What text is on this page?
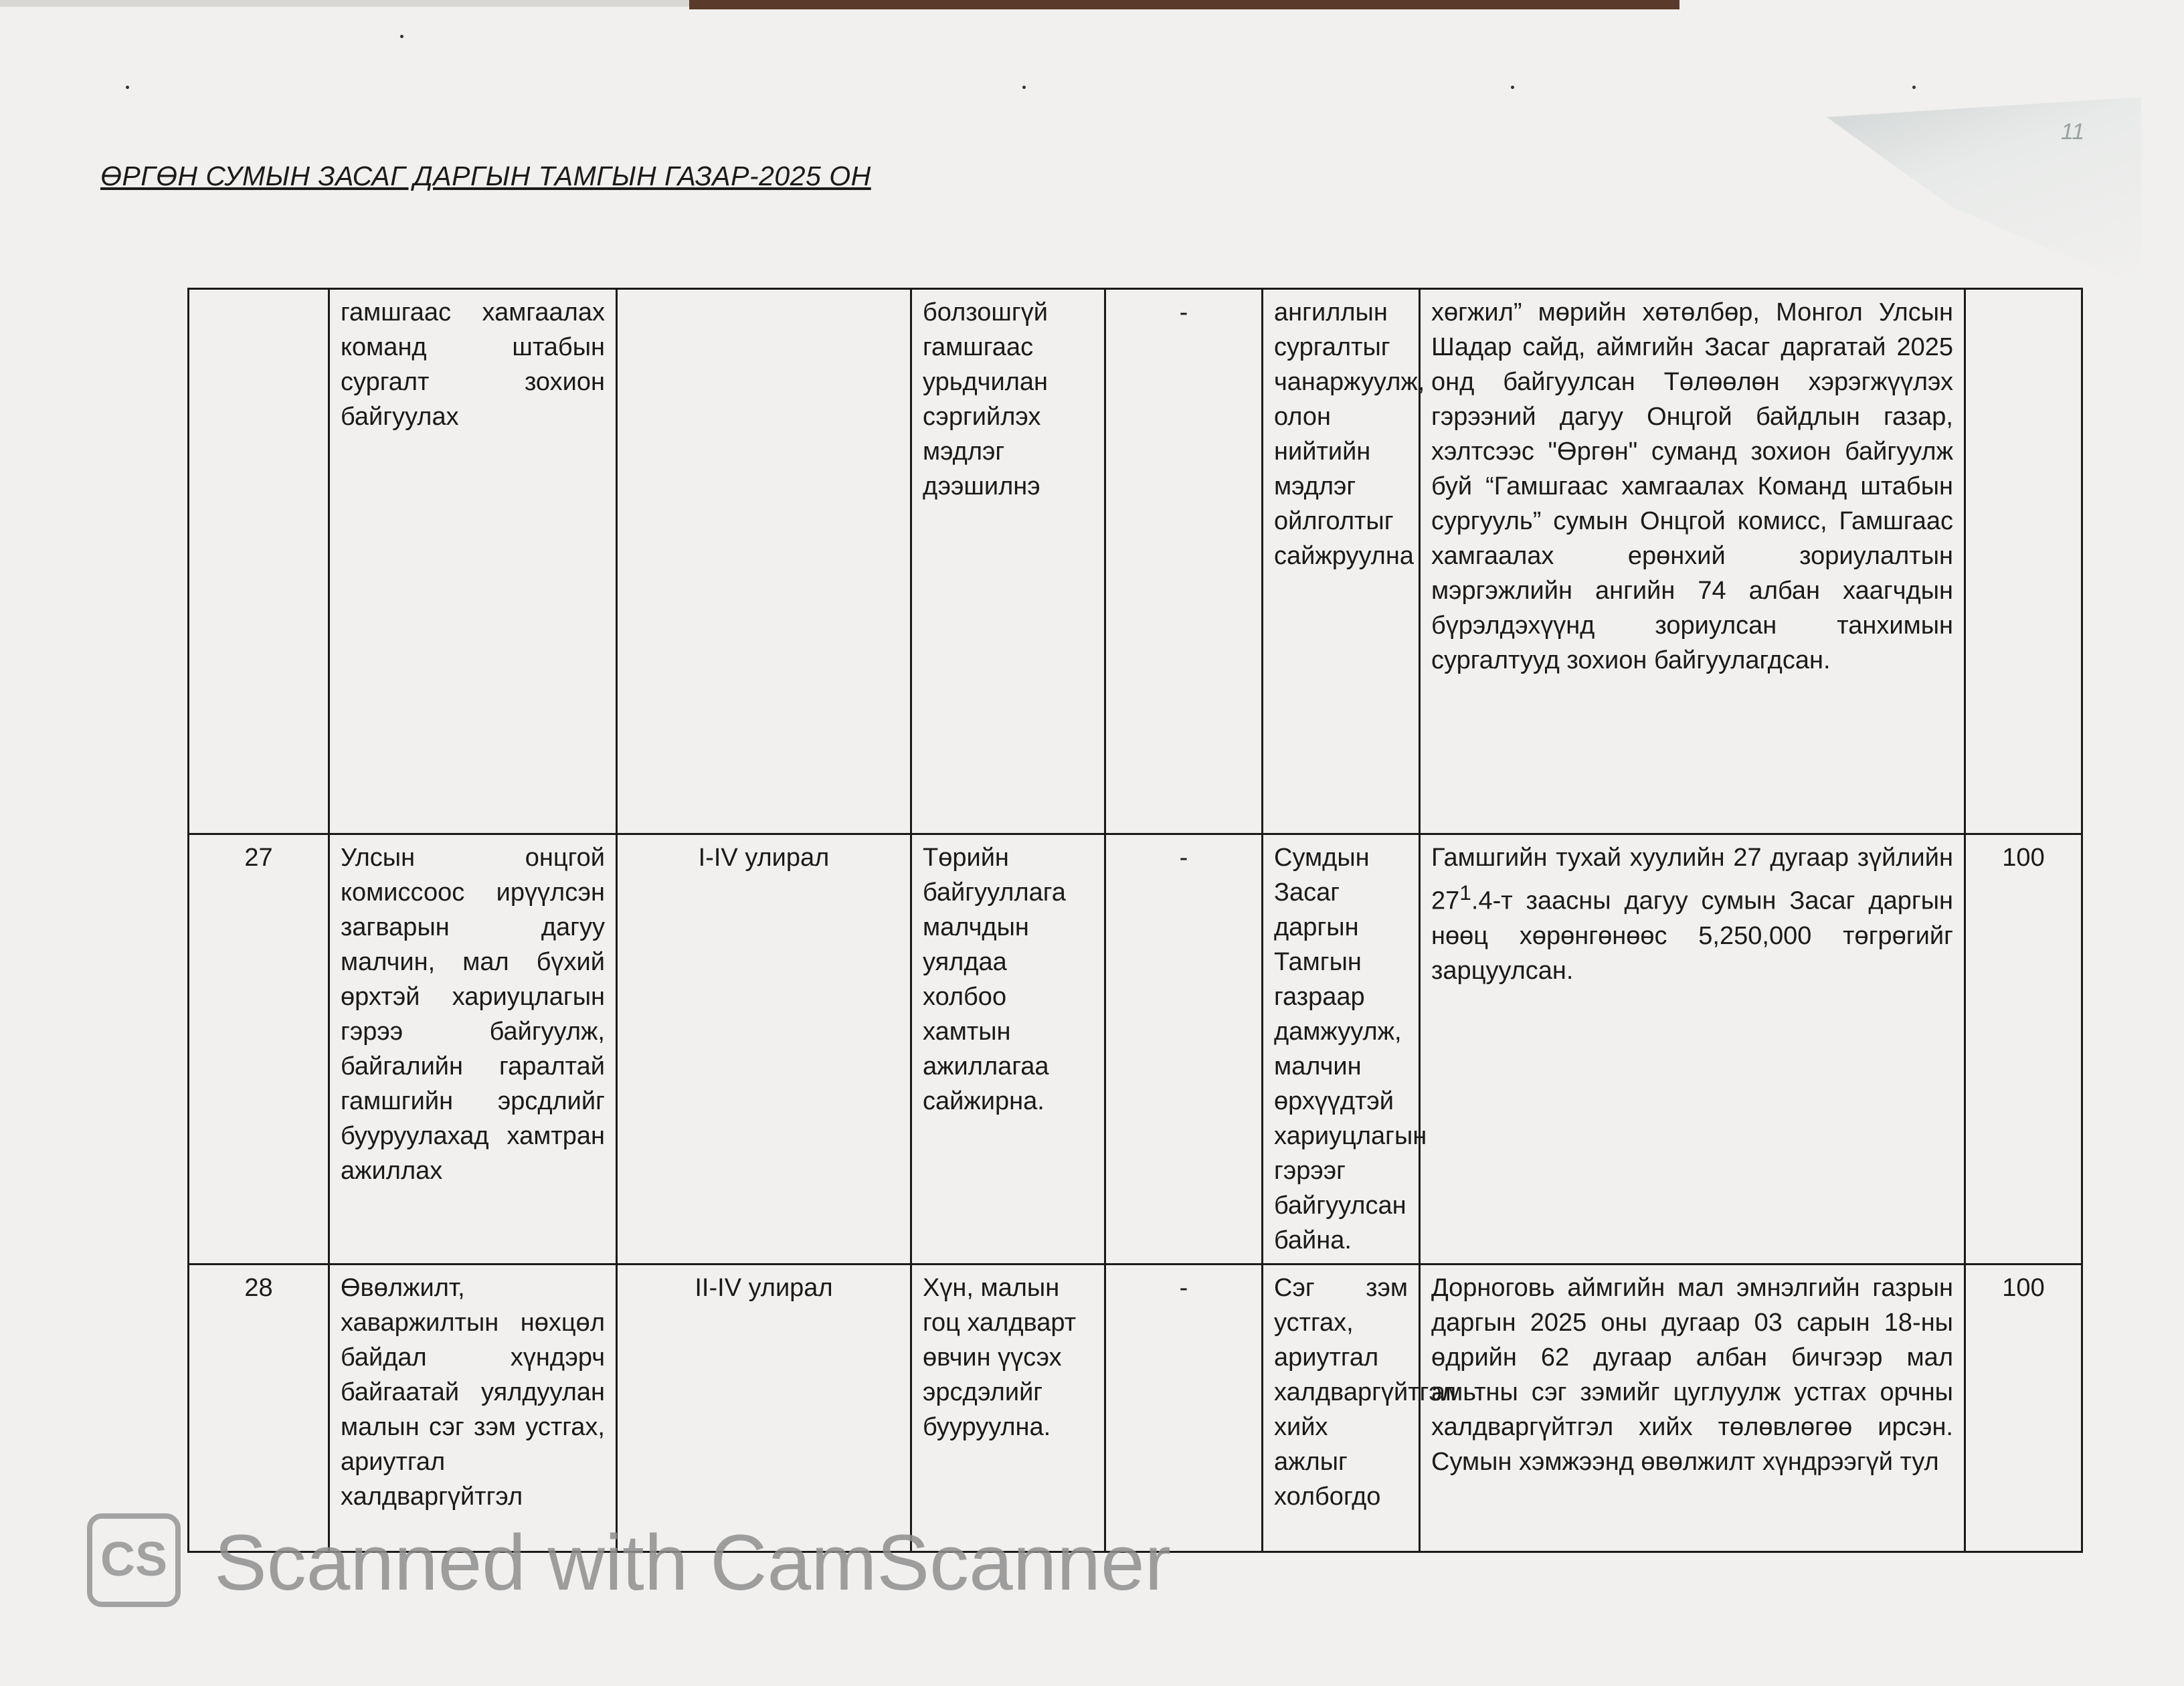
11
ӨРГӨН СУМЫН ЗАСАГ ДАРГЫН ТАМГЫН ГАЗАР-2025 ОН
	гамшгаас хамгаалах команд штабын сургалт зохион байгуулах		болзошгүй гамшгаас урьдчилан сэргийлэх мэдлэг дээшилнэ	-	ангиллын сургалтыг чанаржуулж, олон нийтийн мэдлэг ойлголтыг сайжруулна	хөгжил” мөрийн хөтөлбөр, Монгол Улсын Шадар сайд, аймгийн Засаг даргатай 2025 онд байгуулсан Төлөөлөн хэрэгжүүлэх гэрээний дагуу Онцгой байдлын газар, хэлтсээс "Өргөн" суманд зохион байгуулж буй “Гамшгаас хамгаалах Команд штабын сургууль” сумын Онцгой комисс, Гамшгаас хамгаалах ерөнхий зориулалтын мэргэжлийн ангийн 74 албан хаагчдын бүрэлдэхүүнд зориулсан танхимын сургалтууд зохион байгуулагдсан.	
27	Улсын онцгой комиссоос ирүүлсэн загварын дагуу малчин, мал бүхий өрхтэй хариуцлагын гэрээ байгуулж, байгалийн гаралтай гамшгийн эрсдлийг бууруулахад хамтран ажиллах	I-IV улирал	Төрийн байгууллага малчдын уялдаа холбоо хамтын ажиллагаа сайжирна.	-	Сумдын Засаг даргын Тамгын газраар дамжуулж, малчин өрхүүдтэй хариуцлагын гэрээг байгуулсан байна.	Гамшгийн тухай хуулийн 27 дугаар зүйлийн $27^1.4-т$ заасны дагуу сумын Засаг даргын нөөц хөрөнгөнөөс 5,250,000 төгрөгийг зарцуулсан.	100
28	Өвөлжилт, хаваржилтын нөхцөл байдал хүндэрч байгаатай уялдуулан малын сэг зэм устгах, ариутгал халдваргүйтгэл	II-IV улирал	Хүн, малын гоц халдварт өвчин үүсэх эрсдэлийг бууруулна.	-	Сэг зэм устгах, ариутгал халдваргүйтгэл хийх ажлыг холбогдо	Дорноговь аймгийн мал эмнэлгийн газрын даргын 2025 оны дугаар 03 сарын 18-ны өдрийн 62 дугаар албан бичгээр мал амьтны сэг зэмийг цуглуулж устгах орчны халдваргүйтгэл хийх төлөвлөгөө ирсэн. Сумын хэмжээнд өвөлжилт хүндрээгүй тул	100
CS Scanned with CamScanner
